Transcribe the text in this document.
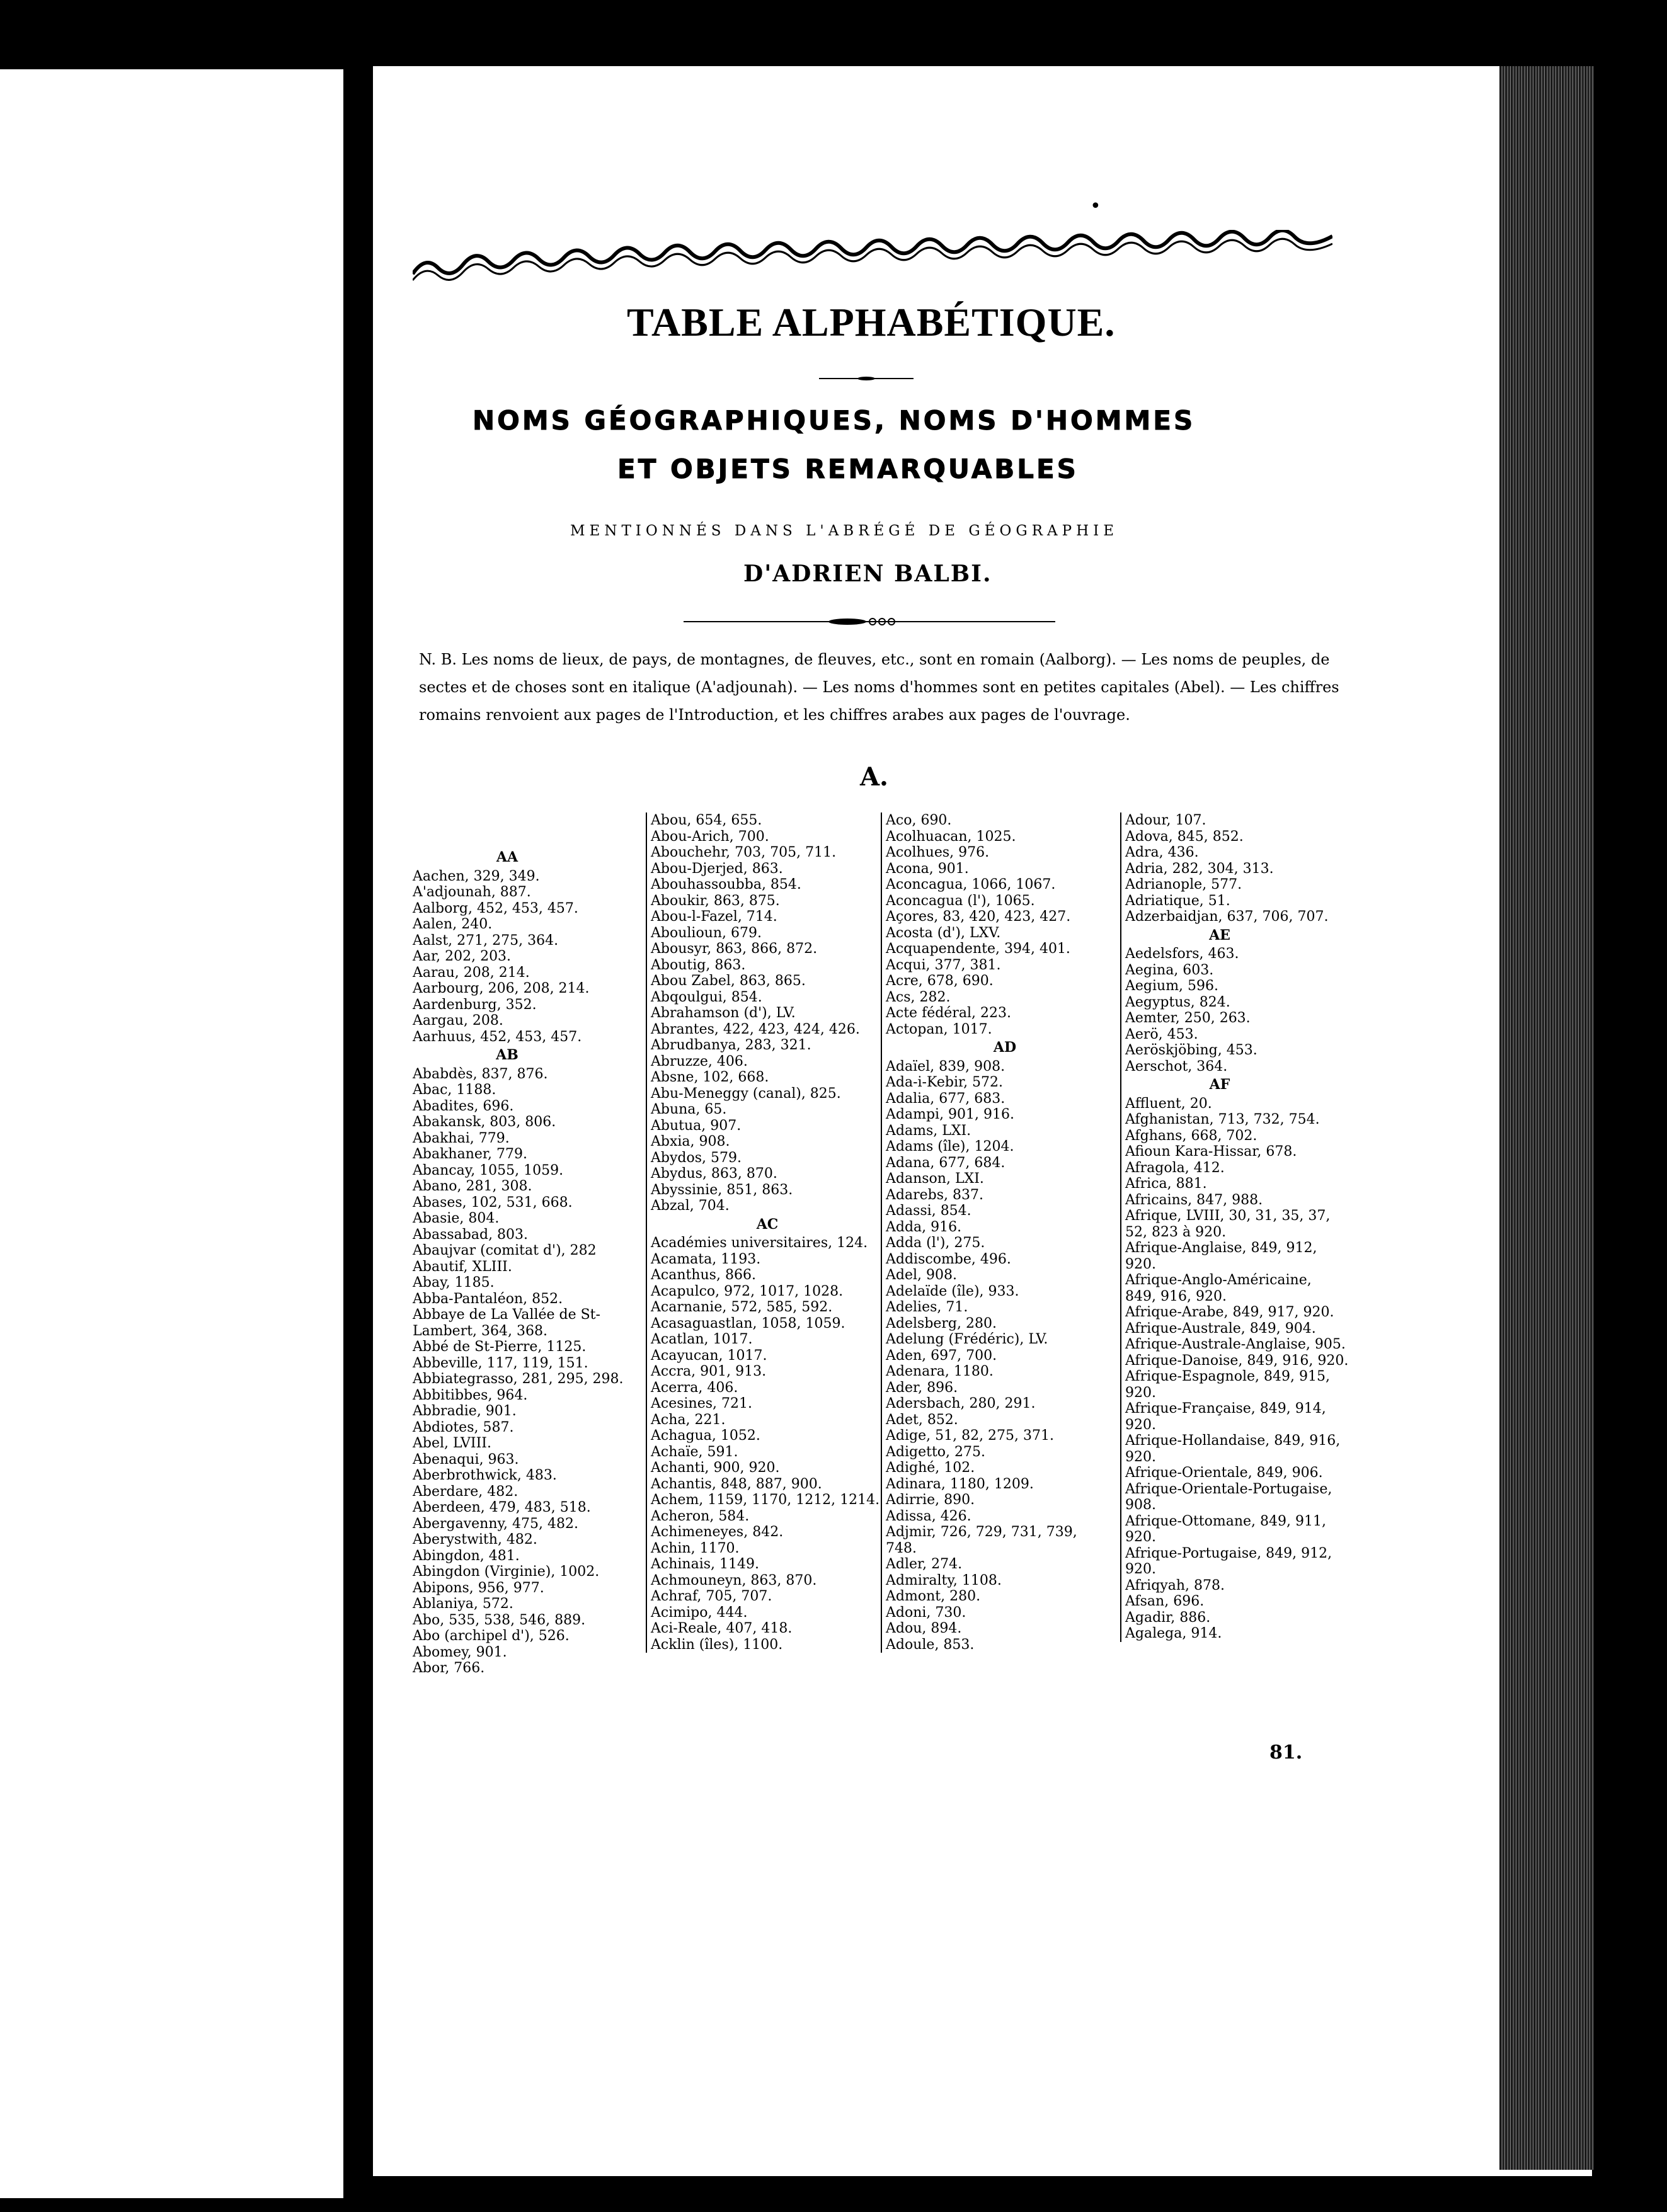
•
TABLE ALPHABÉTIQUE.
NOMS GÉOGRAPHIQUES, NOMS D'HOMMES
ET OBJETS REMARQUABLES
MENTIONNÉS DANS L'ABRÉGÉ DE GÉOGRAPHIE
D'ADRIEN BALBI.

N. B. Les noms de lieux, de pays, de montagnes, de fleuves, etc., sont en romain (Aalborg). — Les noms de peuples, de

sectes et de choses sont en italique (A'adjounah). — Les noms d'hommes sont en petites capitales (Abel). — Les chiffres

romains renvoient aux pages de l'Introduction, et les chiffres arabes aux pages de l'ouvrage.

A.
AA
Aachen, 329, 349.
A'adjounah, 887.
Aalborg, 452, 453, 457.
Aalen, 240.
Aalst, 271, 275, 364.
Aar, 202, 203.
Aarau, 208, 214.
Aarbourg, 206, 208, 214.
Aardenburg, 352.
Aargau, 208.
Aarhuus, 452, 453, 457.
AB
Ababdès, 837, 876.
Abac, 1188.
Abadites, 696.
Abakansk, 803, 806.
Abakhai, 779.
Abakhaner, 779.
Abancay, 1055, 1059.
Abano, 281, 308.
Abases, 102, 531, 668.
Abasie, 804.
Abassabad, 803.
Abaujvar (comitat d'), 282
Abautif, XLIII.
Abay, 1185.
Abba-Pantaléon, 852.
Abbaye de La Vallée de St-
Lambert, 364, 368.
Abbé de St-Pierre, 1125.
Abbeville, 117, 119, 151.
Abbiategrasso, 281, 295, 298.
Abbitibbes, 964.
Abbradie, 901.
Abdiotes, 587.
Abel, LVIII.
Abenaqui, 963.
Aberbrothwick, 483.
Aberdare, 482.
Aberdeen, 479, 483, 518.
Abergavenny, 475, 482.
Aberystwith, 482.
Abingdon, 481.
Abingdon (Virginie), 1002.
Abipons, 956, 977.
Ablaniya, 572.
Abo, 535, 538, 546, 889.
Abo (archipel d'), 526.
Abomey, 901.
Abor, 766.
Abou, 654, 655.
Abou-Arich, 700.
Abouchehr, 703, 705, 711.
Abou-Djerjed, 863.
Abouhassoubba, 854.
Aboukir, 863, 875.
Abou-l-Fazel, 714.
Aboulioun, 679.
Abousyr, 863, 866, 872.
Aboutig, 863.
Abou Zabel, 863, 865.
Abqoulgui, 854.
Abrahamson (d'), LV.
Abrantes, 422, 423, 424, 426.
Abrudbanya, 283, 321.
Abruzze, 406.
Absne, 102, 668.
Abu-Meneggy (canal), 825.
Abuna, 65.
Abutua, 907.
Abxia, 908.
Abydos, 579.
Abydus, 863, 870.
Abyssinie, 851, 863.
Abzal, 704.
AC
Académies universitaires, 124.
Acamata, 1193.
Acanthus, 866.
Acapulco, 972, 1017, 1028.
Acarnanie, 572, 585, 592.
Acasaguastlan, 1058, 1059.
Acatlan, 1017.
Acayucan, 1017.
Accra, 901, 913.
Acerra, 406.
Acesines, 721.
Acha, 221.
Achagua, 1052.
Achaïe, 591.
Achanti, 900, 920.
Achantis, 848, 887, 900.
Achem, 1159, 1170, 1212, 1214.
Acheron, 584.
Achimeneyes, 842.
Achin, 1170.
Achinais, 1149.
Achmouneyn, 863, 870.
Achraf, 705, 707.
Acimipo, 444.
Aci-Reale, 407, 418.
Acklin (îles), 1100.
Aco, 690.
Acolhuacan, 1025.
Acolhues, 976.
Acona, 901.
Aconcagua, 1066, 1067.
Aconcagua (l'), 1065.
Açores, 83, 420, 423, 427.
Acosta (d'), LXV.
Acquapendente, 394, 401.
Acqui, 377, 381.
Acre, 678, 690.
Acs, 282.
Acte fédéral, 223.
Actopan, 1017.
AD
Adaïel, 839, 908.
Ada-i-Kebir, 572.
Adalia, 677, 683.
Adampi, 901, 916.
Adams, LXI.
Adams (île), 1204.
Adana, 677, 684.
Adanson, LXI.
Adarebs, 837.
Adassi, 854.
Adda, 916.
Adda (l'), 275.
Addiscombe, 496.
Adel, 908.
Adelaïde (île), 933.
Adelies, 71.
Adelsberg, 280.
Adelung (Frédéric), LV.
Aden, 697, 700.
Adenara, 1180.
Ader, 896.
Adersbach, 280, 291.
Adet, 852.
Adige, 51, 82, 275, 371.
Adigetto, 275.
Adighé, 102.
Adinara, 1180, 1209.
Adirrie, 890.
Adissa, 426.
Adjmir, 726, 729, 731, 739,
748.
Adler, 274.
Admiralty, 1108.
Admont, 280.
Adoni, 730.
Adou, 894.
Adoule, 853.
Adour, 107.
Adova, 845, 852.
Adra, 436.
Adria, 282, 304, 313.
Adrianople, 577.
Adriatique, 51.
Adzerbaidjan, 637, 706, 707.
AE
Aedelsfors, 463.
Aegina, 603.
Aegium, 596.
Aegyptus, 824.
Aemter, 250, 263.
Aerö, 453.
Aeröskjöbing, 453.
Aerschot, 364.
AF
Affluent, 20.
Afghanistan, 713, 732, 754.
Afghans, 668, 702.
Afioun Kara-Hissar, 678.
Afragola, 412.
Africa, 881.
Africains, 847, 988.
Afrique, LVIII, 30, 31, 35, 37,
52, 823 à 920.
Afrique-Anglaise, 849, 912,
920.
Afrique-Anglo-Américaine,
849, 916, 920.
Afrique-Arabe, 849, 917, 920.
Afrique-Australe, 849, 904.
Afrique-Australe-Anglaise, 905.
Afrique-Danoise, 849, 916, 920.
Afrique-Espagnole, 849, 915,
920.
Afrique-Française, 849, 914,
920.
Afrique-Hollandaise, 849, 916,
920.
Afrique-Orientale, 849, 906.
Afrique-Orientale-Portugaise,
908.
Afrique-Ottomane, 849, 911,
920.
Afrique-Portugaise, 849, 912,
920.
Afriqyah, 878.
Afsan, 696.
Agadir, 886.
Agalega, 914.
81.
